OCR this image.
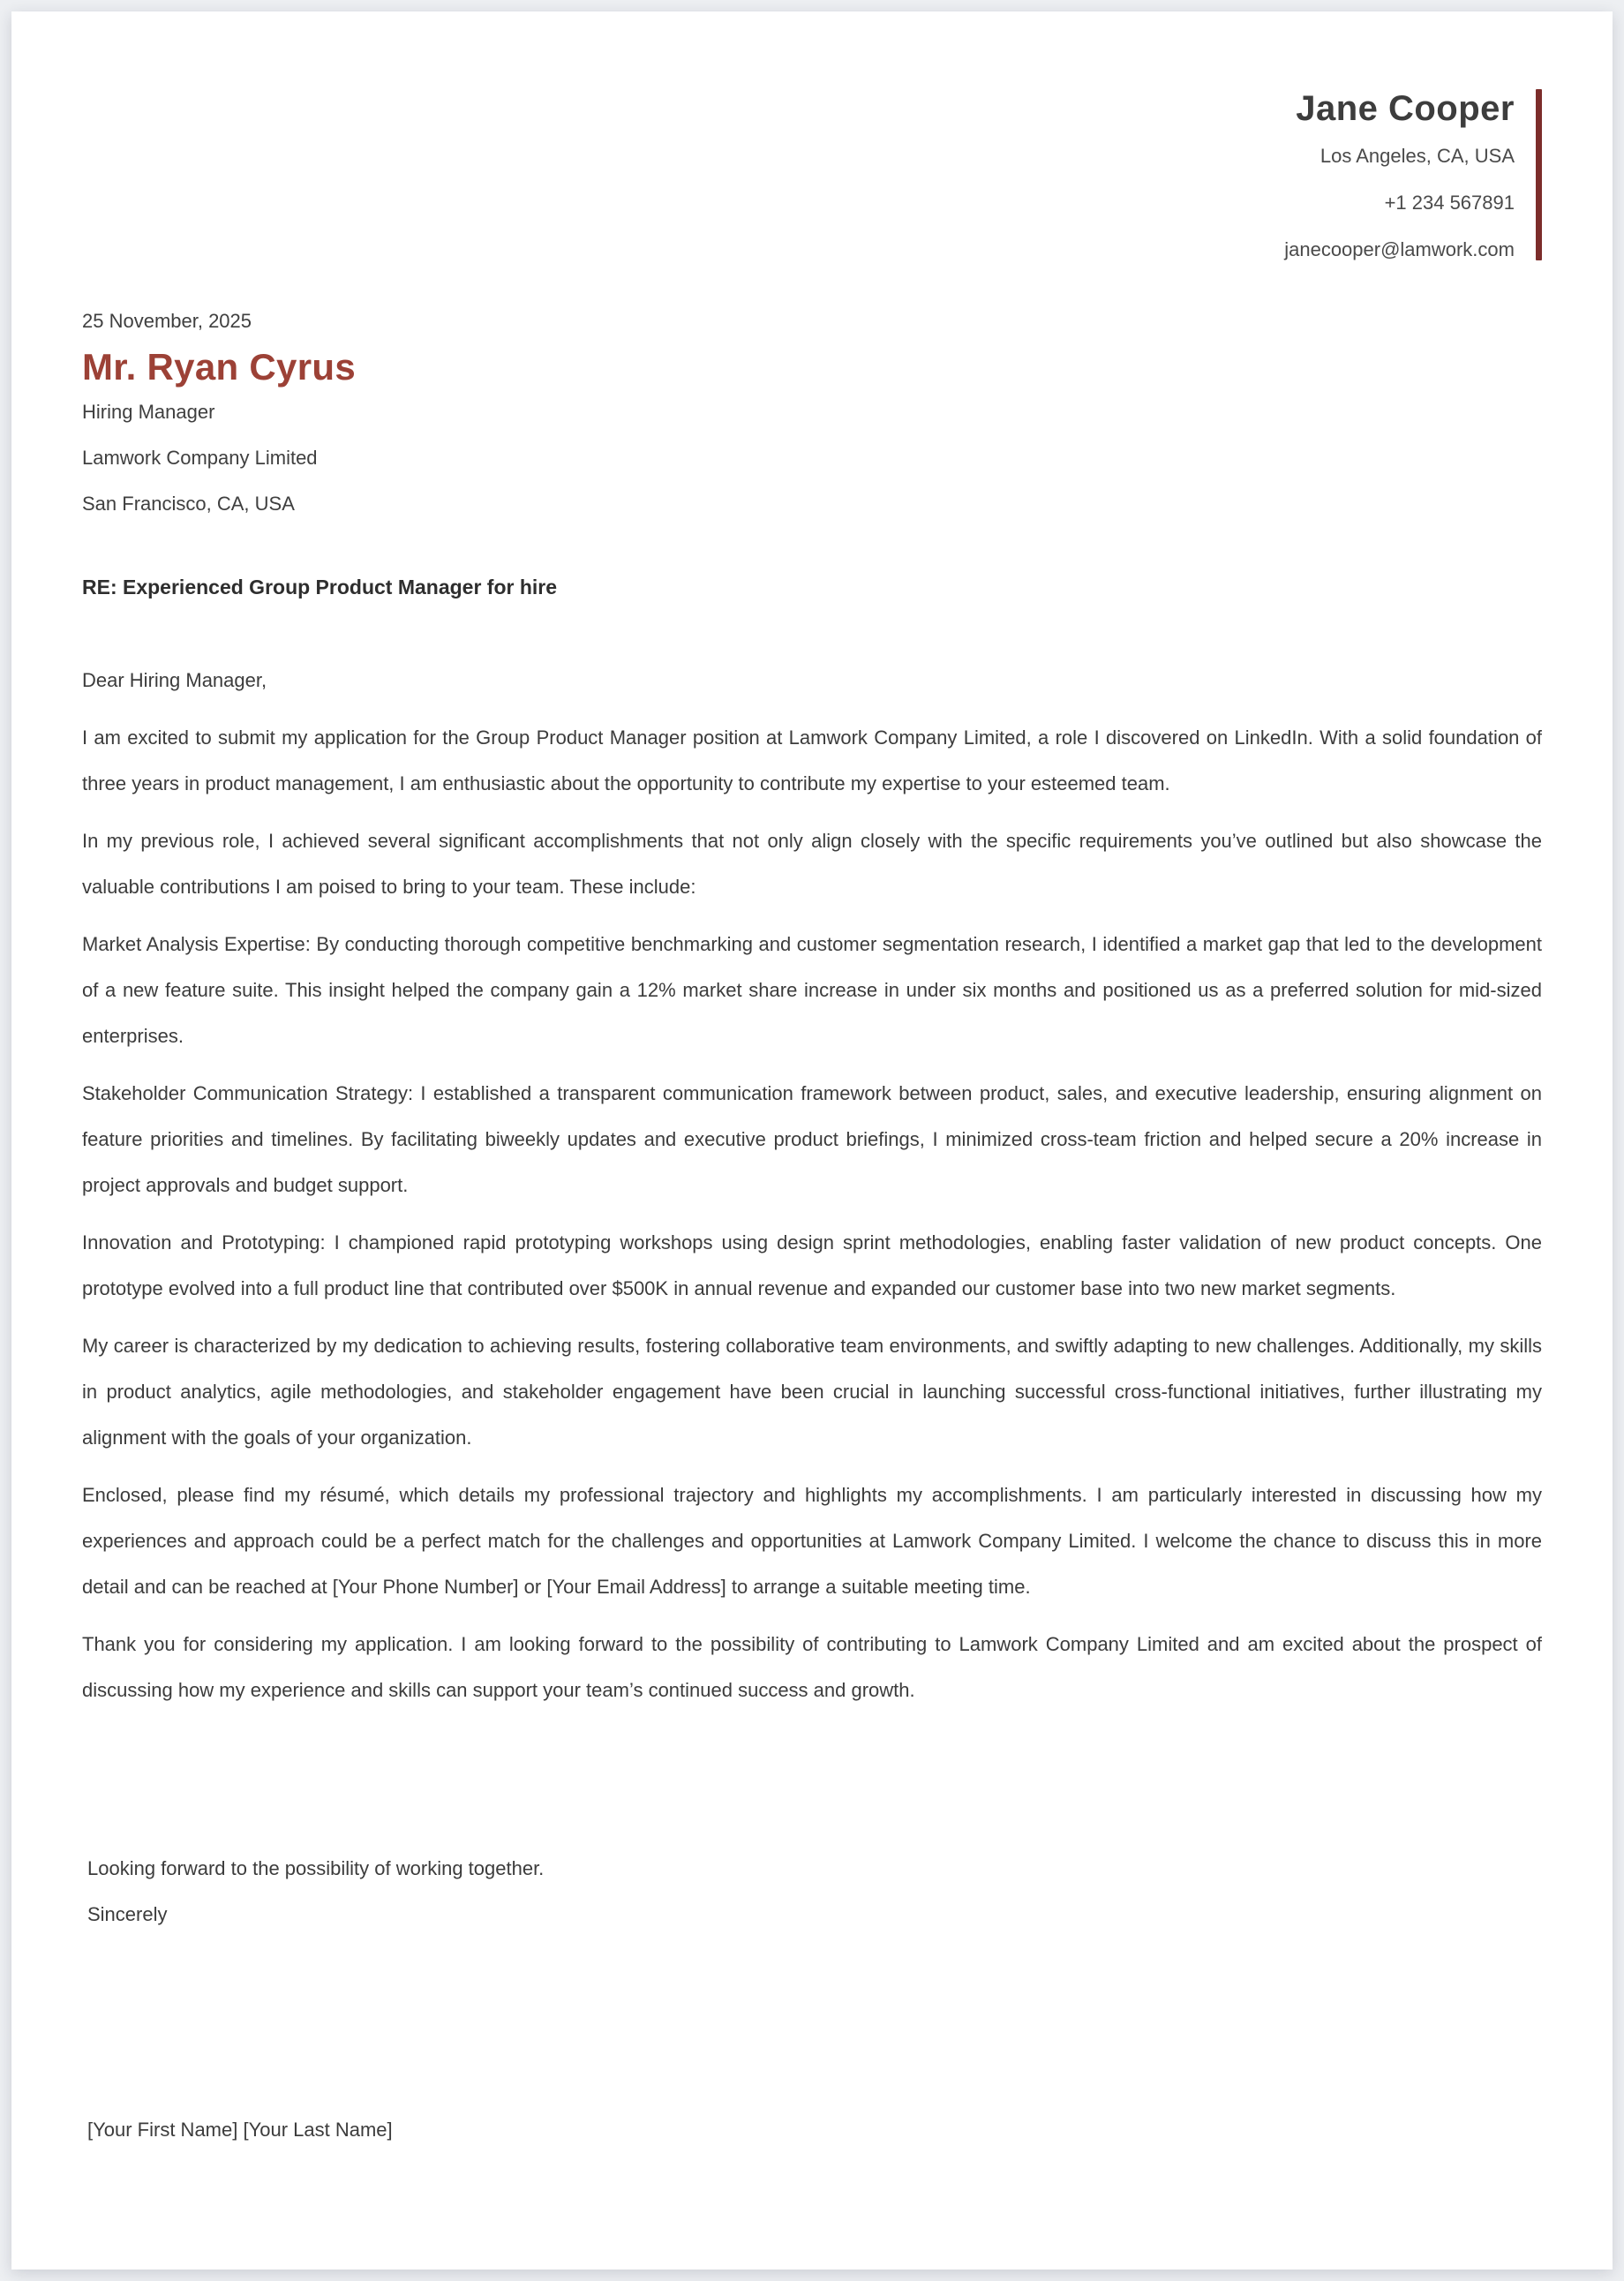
Jane Cooper
Los Angeles, CA, USA
+1 234 567891
janecooper@lamwork.com
25 November, 2025
Mr. Ryan Cyrus
Hiring Manager
Lamwork Company Limited
San Francisco, CA, USA
RE: Experienced Group Product Manager for hire

Dear Hiring Manager,

I am excited to submit my application for the Group Product Manager position at Lamwork Company Limited, a role I discovered on LinkedIn. With a solid foundation of three years in product management, I am enthusiastic about the opportunity to contribute my expertise to your esteemed team.

In my previous role, I achieved several significant accomplishments that not only align closely with the specific requirements you’ve outlined but also showcase the valuable contributions I am poised to bring to your team. These include:

Market Analysis Expertise: By conducting thorough competitive benchmarking and customer segmentation research, I identified a market gap that led to the development of a new feature suite. This insight helped the company gain a 12% market share increase in under six months and positioned us as a preferred solution for mid-sized enterprises.

Stakeholder Communication Strategy: I established a transparent communication framework between product, sales, and executive leadership, ensuring alignment on feature priorities and timelines. By facilitating biweekly updates and executive product briefings, I minimized cross-team friction and helped secure a 20% increase in project approvals and budget support.

Innovation and Prototyping: I championed rapid prototyping workshops using design sprint methodologies, enabling faster validation of new product concepts. One prototype evolved into a full product line that contributed over $500K in annual revenue and expanded our customer base into two new market segments.

My career is characterized by my dedication to achieving results, fostering collaborative team environments, and swiftly adapting to new challenges. Additionally, my skills in product analytics, agile methodologies, and stakeholder engagement have been crucial in launching successful cross-functional initiatives, further illustrating my alignment with the goals of your organization.

Enclosed, please find my résumé, which details my professional trajectory and highlights my accomplishments. I am particularly interested in discussing how my experiences and approach could be a perfect match for the challenges and opportunities at Lamwork Company Limited. I welcome the chance to discuss this in more detail and can be reached at [Your Phone Number] or [Your Email Address] to arrange a suitable meeting time.

Thank you for considering my application. I am looking forward to the possibility of contributing to Lamwork Company Limited and am excited about the prospect of discussing how my experience and skills can support your team’s continued success and growth.

Looking forward to the possibility of working together.

Sincerely

[Your First Name] [Your Last Name]
